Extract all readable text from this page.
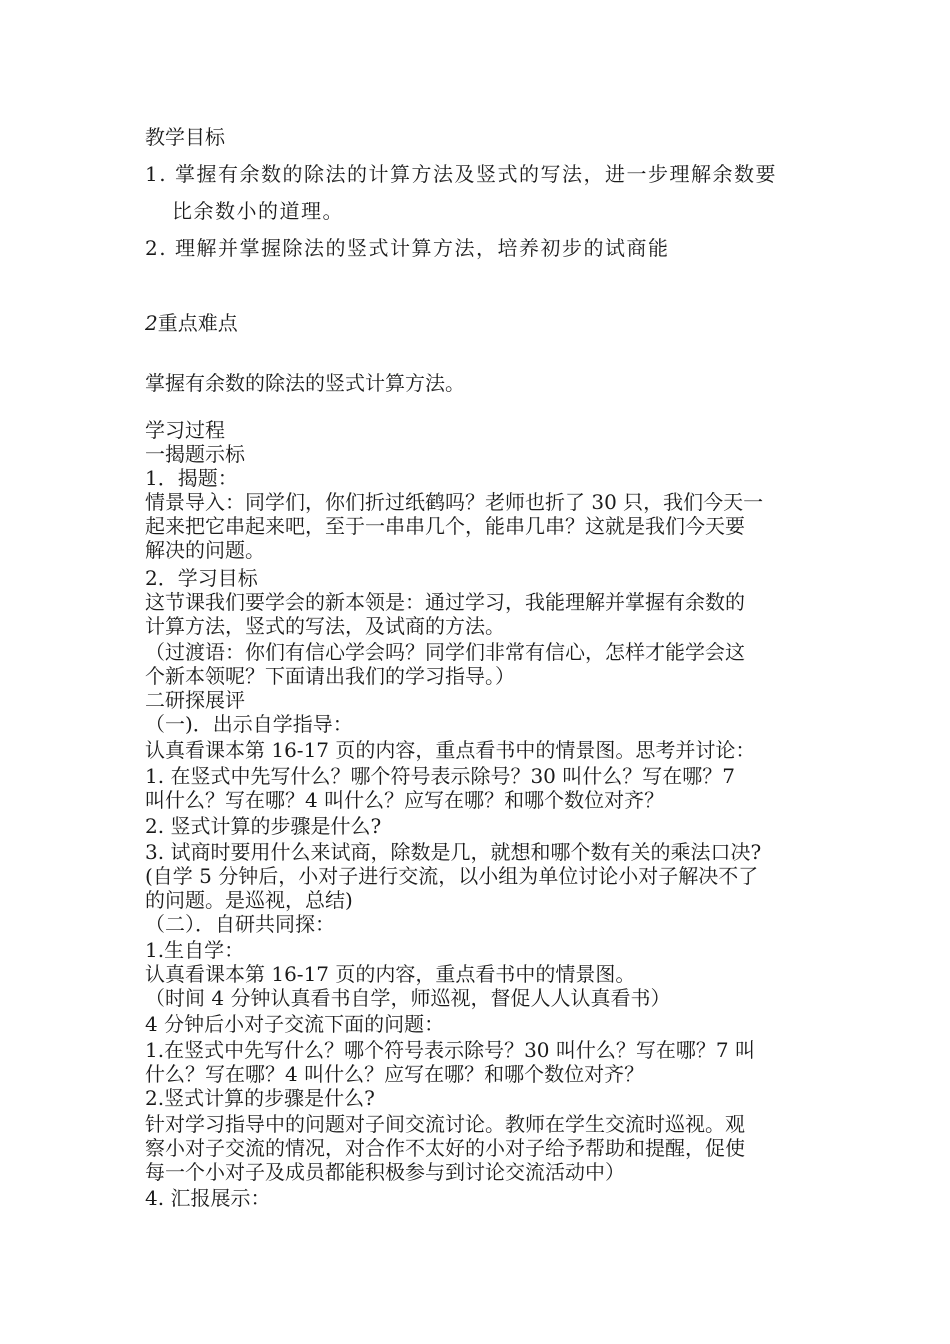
教学目标
1. 掌握有余数的除法的计算方法及竖式的写法，进一步理解余数要
比余数小的道理。
2. 理解并掌握除法的竖式计算方法，培养初步的试商能
2重点难点
掌握有余数的除法的竖式计算方法。
学习过程
一揭题示标
1．揭题：
情景导入：同学们，你们折过纸鹤吗？老师也折了 30 只，我们今天一
起来把它串起来吧，至于一串串几个，能串几串？这就是我们今天要
解决的问题。
2．学习目标
这节课我们要学会的新本领是：通过学习，我能理解并掌握有余数的
计算方法，竖式的写法，及试商的方法。
（过渡语：你们有信心学会吗？同学们非常有信心，怎样才能学会这
个新本领呢？下面请出我们的学习指导。）
二研探展评
（一)．出示自学指导：
认真看课本第 16-17 页的内容，重点看书中的情景图。思考并讨论：
1. 在竖式中先写什么？哪个符号表示除号？30 叫什么？写在哪？7
叫什么？写在哪？4 叫什么？应写在哪？和哪个数位对齐？
2. 竖式计算的步骤是什么?
3. 试商时要用什么来试商，除数是几，就想和哪个数有关的乘法口决?
(自学 5 分钟后，小对子进行交流，以小组为单位讨论小对子解决不了
的问题。是巡视，总结)
（二）．自研共同探：
1.生自学：
认真看课本第 16-17 页的内容，重点看书中的情景图。
（时间 4 分钟认真看书自学，师巡视，督促人人认真看书）
4 分钟后小对子交流下面的问题：
1.在竖式中先写什么？哪个符号表示除号？30 叫什么？写在哪？7 叫
什么？写在哪？4 叫什么？应写在哪？和哪个数位对齐？
2.竖式计算的步骤是什么?
针对学习指导中的问题对子间交流讨论。教师在学生交流时巡视。观
察小对子交流的情况，对合作不太好的小对子给予帮助和提醒，促使
每一个小对子及成员都能积极参与到讨论交流活动中）
4. 汇报展示：
